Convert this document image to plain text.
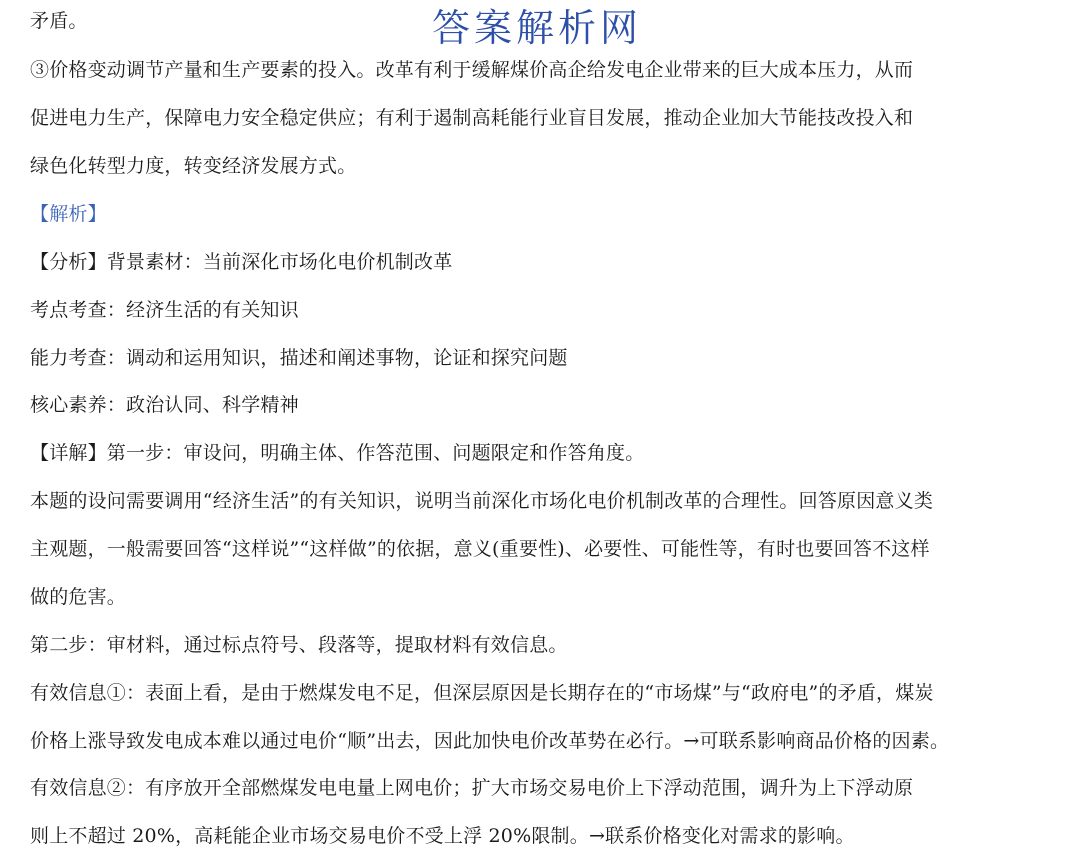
答案解析网
矛盾。
③价格变动调节产量和生产要素的投入。改革有利于缓解煤价高企给发电企业带来的巨大成本压力，从而
促进电力生产，保障电力安全稳定供应；有利于遏制高耗能行业盲目发展，推动企业加大节能技改投入和
绿色化转型力度，转变经济发展方式。
【解析】
【分析】背景素材：当前深化市场化电价机制改革
考点考查：经济生活的有关知识
能力考查：调动和运用知识，描述和阐述事物，论证和探究问题
核心素养：政治认同、科学精神
【详解】第一步：审设问，明确主体、作答范围、问题限定和作答角度。
本题的设问需要调用“经济生活”的有关知识，说明当前深化市场化电价机制改革的合理性。回答原因意义类
主观题，一般需要回答“这样说”“这样做”的依据，意义(重要性)、必要性、可能性等，有时也要回答不这样
做的危害。
第二步：审材料，通过标点符号、段落等，提取材料有效信息。
有效信息①：表面上看，是由于燃煤发电不足，但深层原因是长期存在的“市场煤”与“政府电”的矛盾，煤炭
价格上涨导致发电成本难以通过电价“顺”出去，因此加快电价改革势在必行。→可联系影响商品价格的因素。
有效信息②：有序放开全部燃煤发电电量上网电价；扩大市场交易电价上下浮动范围，调升为上下浮动原
则上不超过 20%，高耗能企业市场交易电价不受上浮 20%限制。→联系价格变化对需求的影响。
